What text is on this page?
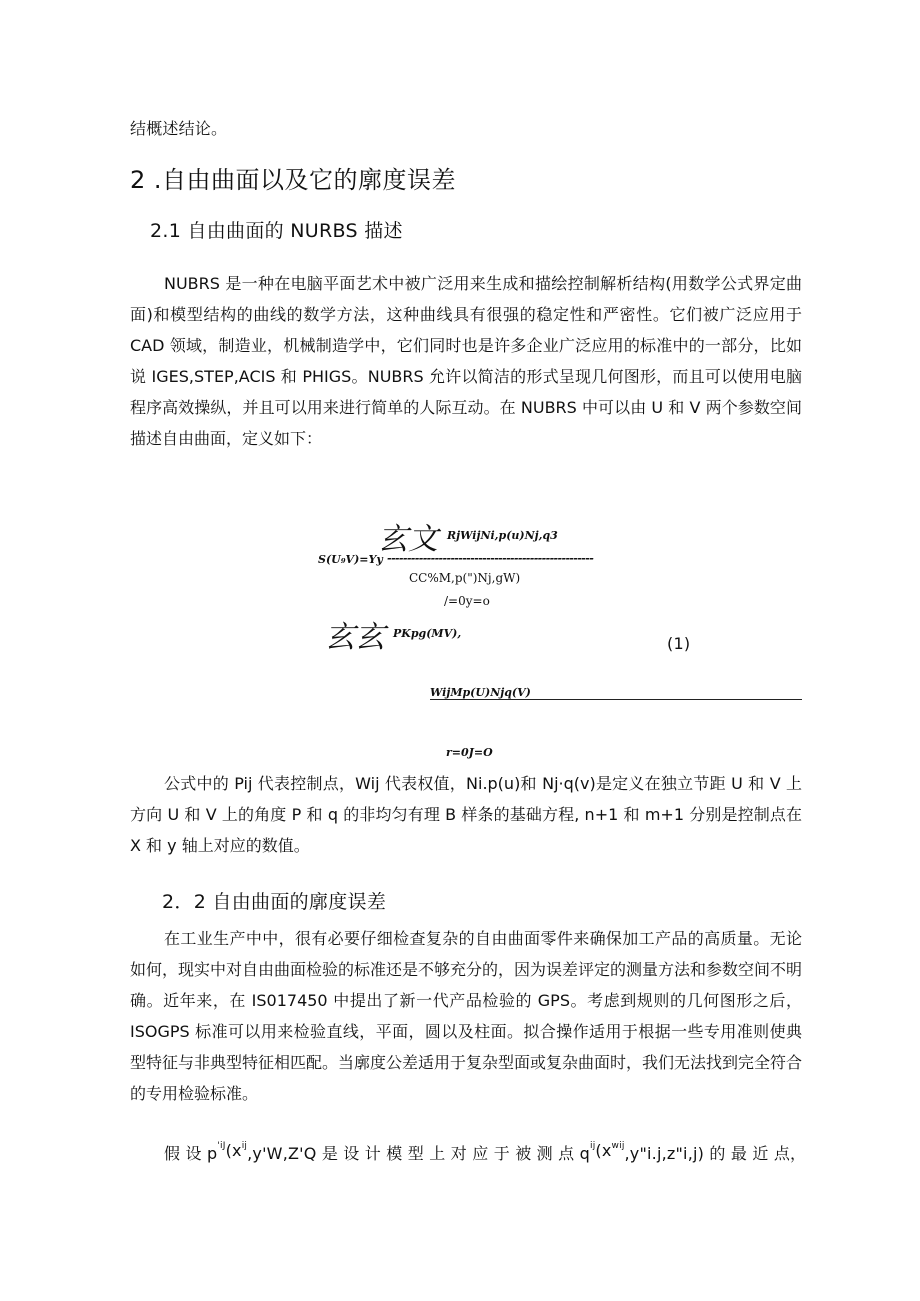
结概述结论。
2 .自由曲面以及它的廓度误差
2.1 自由曲面的 NURBS 描述
NUBRS 是一种在电脑平面艺术中被广泛用来生成和描绘控制解析结构(用数学公式界定曲面)和模型结构的曲线的数学方法，这种曲线具有很强的稳定性和严密性。它们被广泛应用于 CAD 领域，制造业，机械制造学中，它们同时也是许多企业广泛应用的标准中的一部分，比如说 IGES,STEP,ACIS 和 PHIGS。NUBRS 允许以简洁的形式呈现几何图形，而且可以使用电脑程序高效操纵，并且可以用来进行简单的人际互动。在 NUBRS 中可以由 U 和 V 两个参数空间描述自由曲面，定义如下：
玄文 RjWijNi,p(u)Nj,q3
S(U₉V)=Yy ----------------------------------------------------
CC%M,p(")Nj,gW)
/=0y=o
玄玄 PKpg(MV),
(1)
WijMp(U)Njq(V)
r=0J=O
公式中的 Pij 代表控制点，Wij 代表权值，Ni.p(u)和 Nj·q(v)是定义在独立节距 U 和 V 上方向 U 和 V 上的角度 P 和 q 的非均匀有理 B 样条的基础方程, n+1 和 m+1 分别是控制点在 X 和 y 轴上对应的数值。
2．2 自由曲面的廓度误差
在工业生产中中，很有必要仔细检查复杂的自由曲面零件来确保加工产品的高质量。无论如何，现实中对自由曲面检验的标准还是不够充分的，因为误差评定的测量方法和参数空间不明确。近年来，在 IS017450 中提出了新一代产品检验的 GPS。考虑到规则的几何图形之后，ISOGPS 标准可以用来检验直线，平面，圆以及柱面。拟合操作适用于根据一些专用准则使典型特征与非典型特征相匹配。当廓度公差适用于复杂型面或复杂曲面时，我们无法找到完全符合的专用检验标准。
假 设 p ' i J (x i j ,y'W,Z'Q 是 设 计 模 型 上 对 应 于 被 测 点 q i j (x w i j ,y"i.j,z"i,j) 的 最 近 点，
